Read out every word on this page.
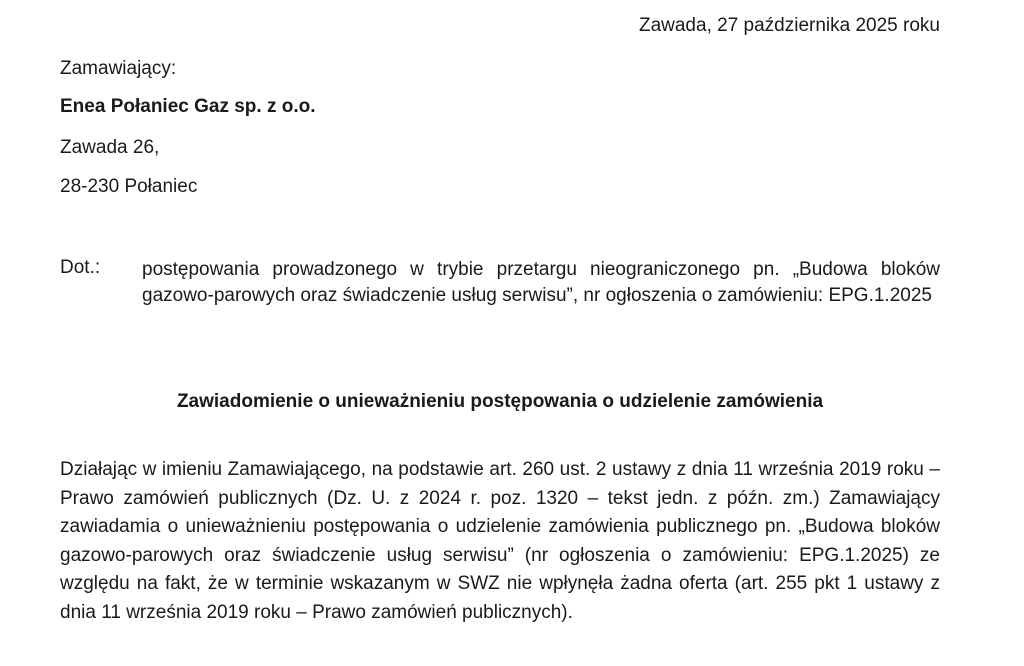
Zawada, 27 października 2025 roku
Zamawiający:
Enea Połaniec Gaz sp. z o.o.
Zawada 26,
28-230 Połaniec
Dot.: postępowania prowadzonego w trybie przetargu nieograniczonego pn. „Budowa bloków gazowo-parowych oraz świadczenie usług serwisu”, nr ogłoszenia o zamówieniu: EPG.1.2025
Zawiadomienie o unieważnieniu postępowania o udzielenie zamówienia
Działając w imieniu Zamawiającego, na podstawie art. 260 ust. 2 ustawy z dnia 11 września 2019 roku – Prawo zamówień publicznych (Dz. U. z 2024 r. poz. 1320 – tekst jedn. z późn. zm.) Zamawiający zawiadamia o unieważnieniu postępowania o udzielenie zamówienia publicznego pn. „Budowa bloków gazowo-parowych oraz świadczenie usług serwisu” (nr ogłoszenia o zamówieniu: EPG.1.2025) ze względu na fakt, że w terminie wskazanym w SWZ nie wpłynęła żadna oferta (art. 255 pkt 1 ustawy z dnia 11 września 2019 roku – Prawo zamówień publicznych).
